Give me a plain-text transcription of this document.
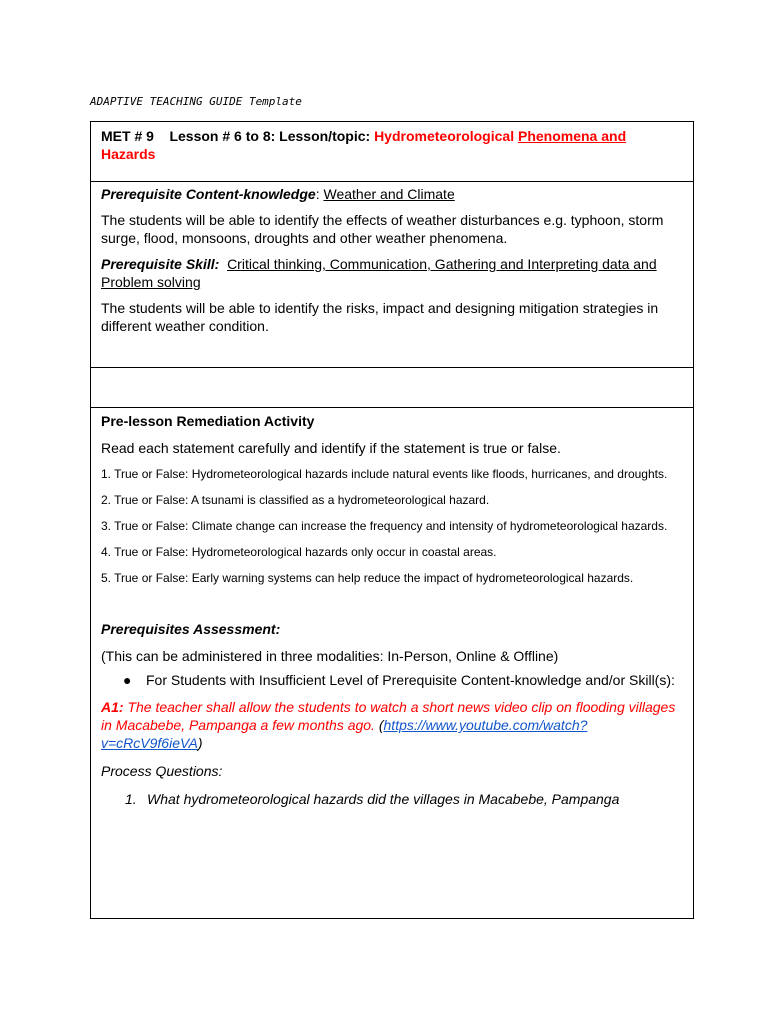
ADAPTIVE TEACHING GUIDE Template

MET # 9 Lesson # 6 to 8: Lesson/topic: Hydrometeorological Phenomena and Hazards

Prerequisite Content-knowledge: Weather and Climate

The students will be able to identify the effects of weather disturbances e.g. typhoon, storm surge, flood, monsoons, droughts and other weather phenomena.

Prerequisite Skill: Critical thinking, Communication, Gathering and Interpreting data and Problem solving

The students will be able to identify the risks, impact and designing mitigation strategies in different weather condition.

Pre-lesson Remediation Activity

Read each statement carefully and identify if the statement is true or false.

1. True or False: Hydrometeorological hazards include natural events like floods, hurricanes, and droughts.

2. True or False: A tsunami is classified as a hydrometeorological hazard.

3. True or False: Climate change can increase the frequency and intensity of hydrometeorological hazards.

4. True or False: Hydrometeorological hazards only occur in coastal areas.

5. True or False: Early warning systems can help reduce the impact of hydrometeorological hazards.

Prerequisites Assessment:

(This can be administered in three modalities: In-Person, Online & Offline)

●	For Students with Insufficient Level of Prerequisite Content-knowledge and/or Skill(s):

A1: The teacher shall allow the students to watch a short news video clip on flooding villages in Macabebe, Pampanga a few months ago. (https://www.youtube.com/watch?v=cRcV9f6ieVA)

Process Questions:

1. What hydrometeorological hazards did the villages in Macabebe, Pampanga
